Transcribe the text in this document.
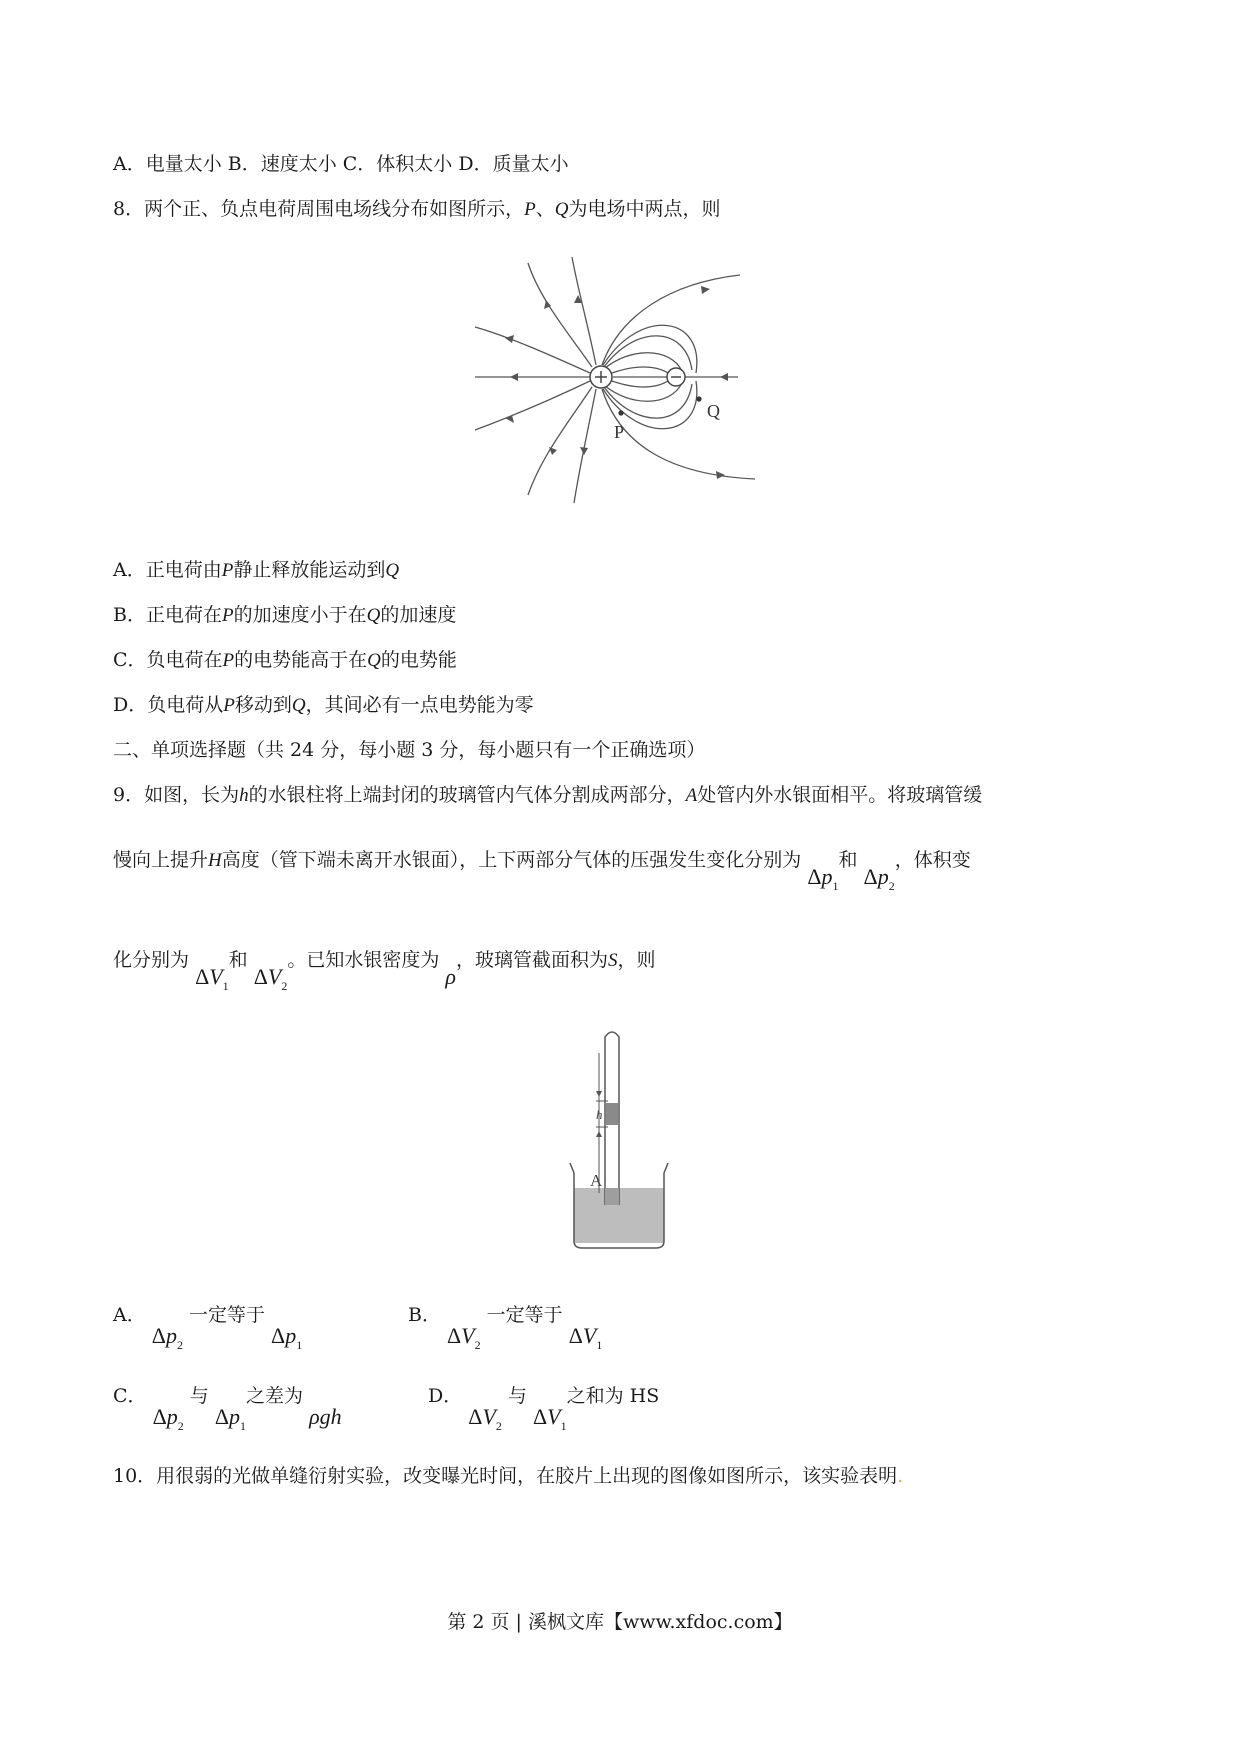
A．电量太小 B．速度太小 C．体积太小 D．质量太小
8．两个正、负点电荷周围电场线分布如图所示，P、Q为电场中两点，则
P
Q
A．正电荷由P静止释放能运动到Q
B．正电荷在P的加速度小于在Q的加速度
C．负电荷在P的电势能高于在Q的电势能
D．负电荷从P移动到Q，其间必有一点电势能为零
二、单项选择题（共 24 分，每小题 3 分，每小题只有一个正确选项）
9．如图，长为h的水银柱将上端封闭的玻璃管内气体分割成两部分，A处管内外水银面相平。将玻璃管缓
慢向上提升H高度（管下端未离开水银面），上下两部分气体的压强发生变化分别为 $\Delta p_1$和 $\Delta p_2$，体积变
化分别为 $\Delta V_1$和 $\Delta V_2$。已知水银密度为 ρ，玻璃管截面积为S，则
h
A
A． $\Delta p_2$ 一定等于 $\Delta p_1$
B． $\Delta V_2$ 一定等于 $\Delta V_1$
C． $\Delta p_2$ 与 $\Delta p_1$之差为 ρgh
D． $\Delta V_2$ 与 $\Delta V_1$之和为 HS
10．用很弱的光做单缝衍射实验，改变曝光时间，在胶片上出现的图像如图所示，该实验表明.
第 2 页 | 溪枫文库【www.xfdoc.com】
